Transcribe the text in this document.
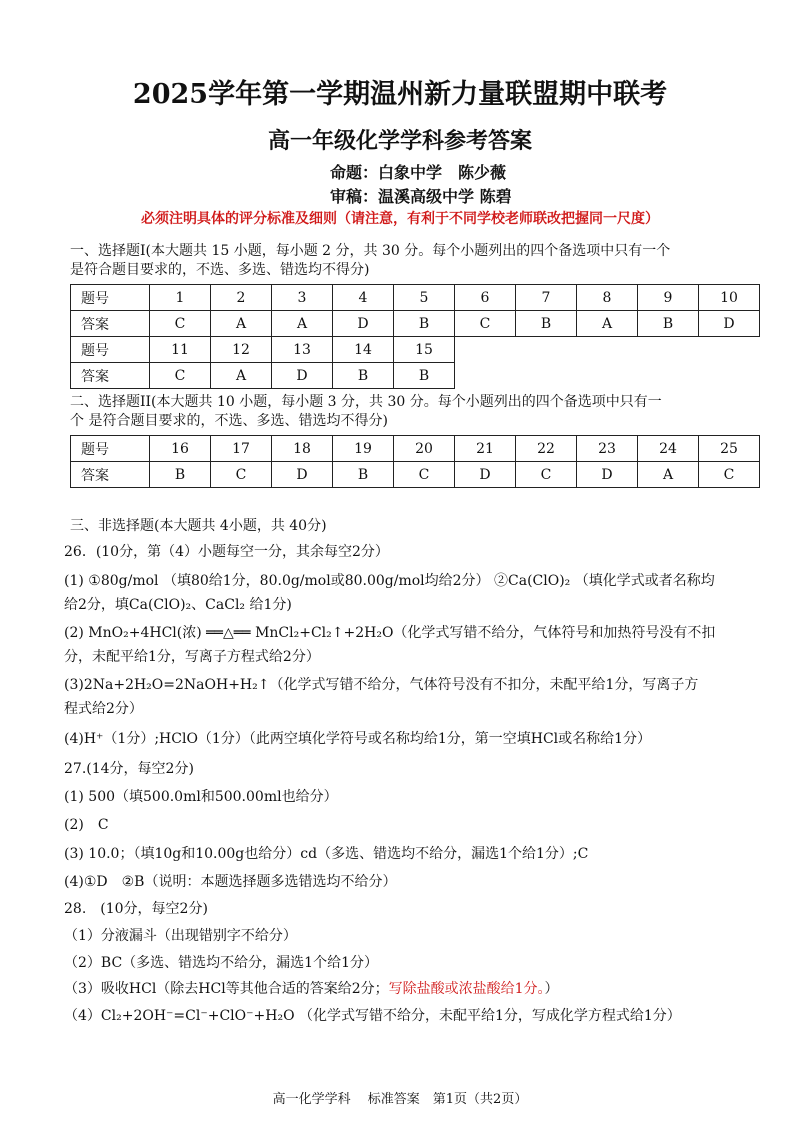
2025学年第一学期温州新力量联盟期中联考
高一年级化学学科参考答案
命题：白象中学　陈少薇
审稿：温溪高级中学 陈碧
必须注明具体的评分标准及细则（请注意，有利于不同学校老师联改把握同一尺度）
一、选择题Ⅰ(本大题共 15 小题，每小题 2 分，共 30 分。每个小题列出的四个备选项中只有一个
是符合题目要求的，不选、多选、错选均不得分)
题号	1	2	3	4	5	6	7	8	9	10
答案	C	A	A	D	B	C	B	A	B	D
题号	11	12	13	14	15
答案	C	A	D	B	B
二、选择题II(本大题共 10 小题，每小题 3 分，共 30 分。每个小题列出的四个备选项中只有一
个 是符合题目要求的，不选、多选、错选均不得分)
题号	16	17	18	19	20	21	22	23	24	25
答案	B	C	D	B	C	D	C	D	A	C
三、非选择题(本大题共 4小题，共 40分)
26．(10分，第（4）小题每空一分，其余每空2分）
(1) ①80g/mol （填80给1分，80.0g/mol或80.00g/mol均给2分） ②Ca(ClO)₂ （填化学式或者名称均
给2分，填Ca(ClO)₂、CaCl₂ 给1分)
(2) MnO₂+4HCl(浓) ══△══ MnCl₂+Cl₂↑+2H₂O（化学式写错不给分，气体符号和加热符号没有不扣
分，未配平给1分，写离子方程式给2分）
(3)2Na+2H₂O=2NaOH+H₂↑（化学式写错不给分，气体符号没有不扣分，未配平给1分，写离子方
程式给2分）
(4)H⁺（1分）;HClO（1分）（此两空填化学符号或名称均给1分，第一空填HCl或名称给1分）
27.(14分，每空2分)
(1) 500（填500.0ml和500.00ml也给分）
(2)　C
(3) 10.0；（填10g和10.00g也给分）cd（多选、错选均不给分，漏选1个给1分）;C
(4)①D　②B（说明：本题选择题多选错选均不给分）
28.　(10分，每空2分)
（1）分液漏斗（出现错别字不给分）
（2）BC（多选、错选均不给分，漏选1个给1分）
（3）吸收HCl（除去HCl等其他合适的答案给2分；写除盐酸或浓盐酸给1分。）
（4）Cl₂+2OH⁻=Cl⁻+ClO⁻+H₂O （化学式写错不给分，未配平给1分，写成化学方程式给1分）
高一化学学科　 标准答案　第1页（共2页）
